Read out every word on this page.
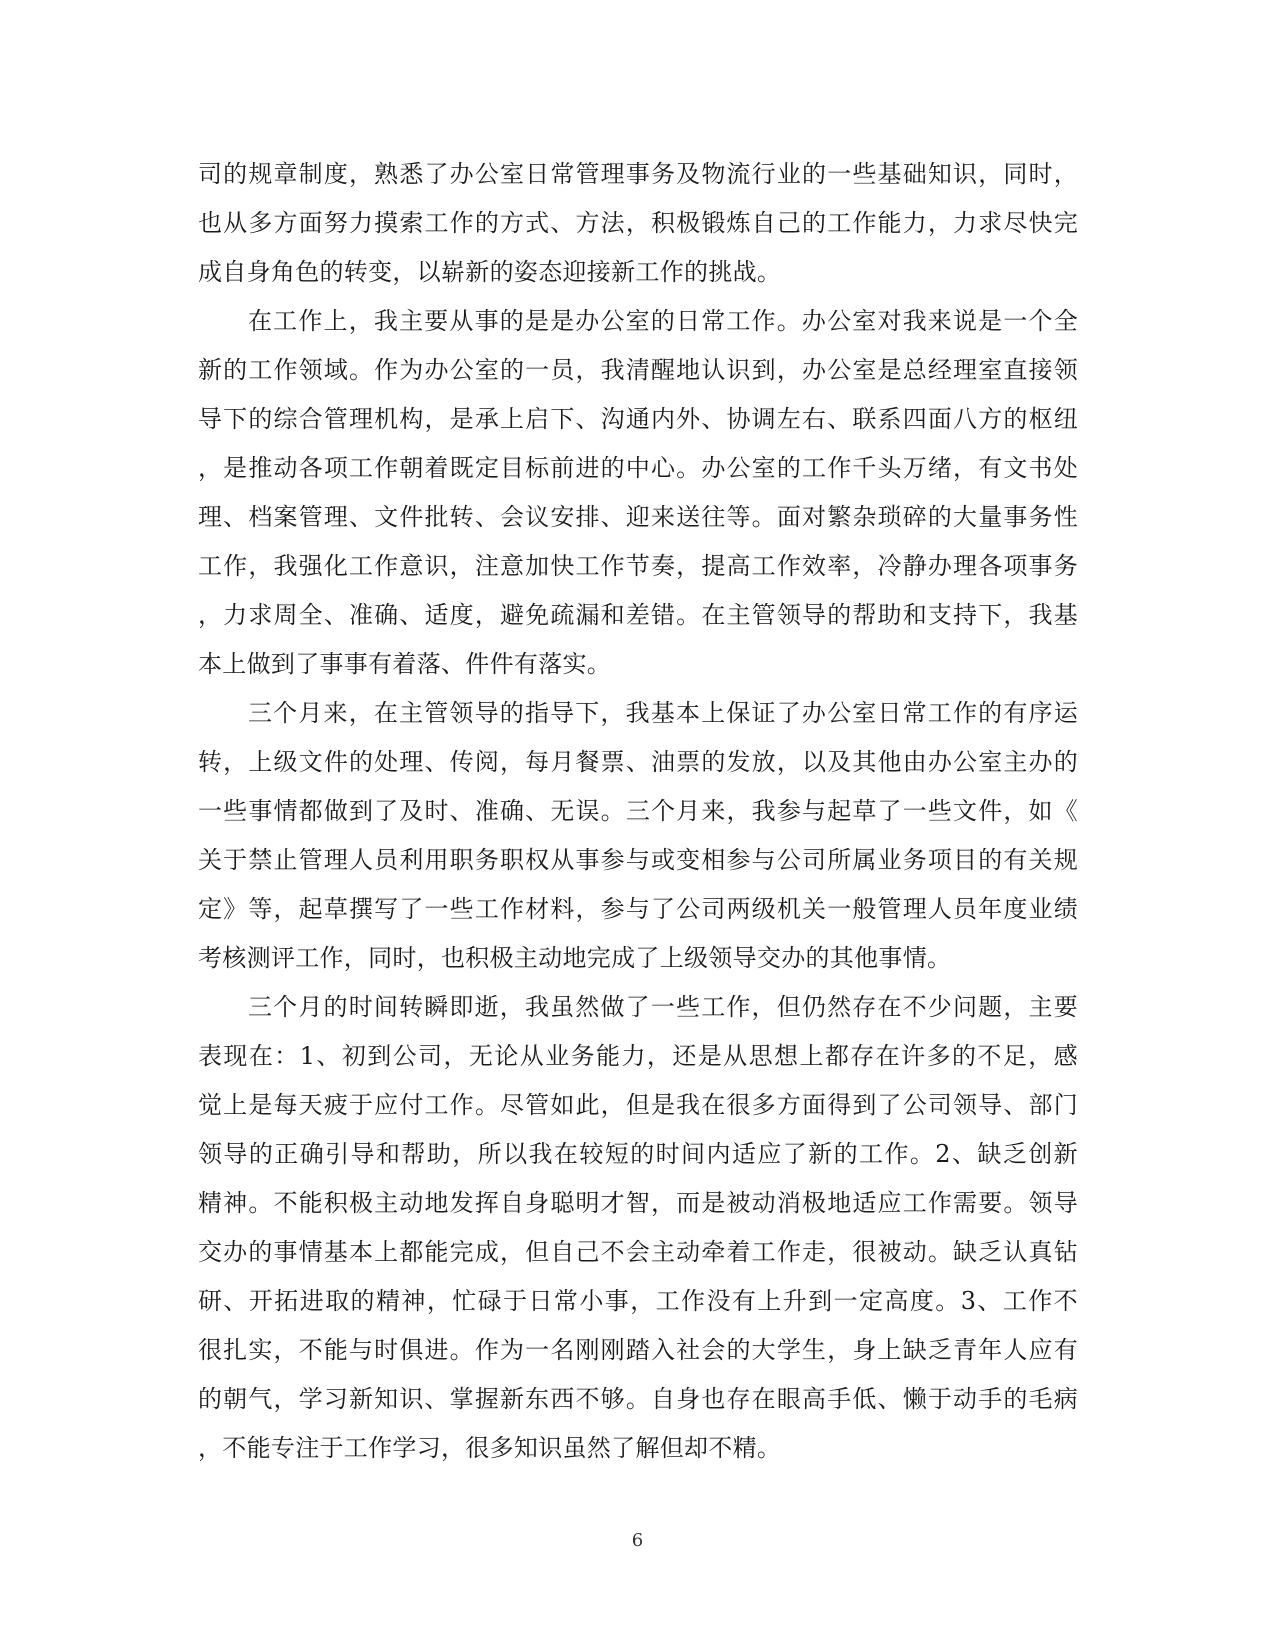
司的规章制度，熟悉了办公室日常管理事务及物流行业的一些基础知识，同时，
也从多方面努力摸索工作的方式、方法，积极锻炼自己的工作能力，力求尽快完
成自身角色的转变，以崭新的姿态迎接新工作的挑战。
在工作上，我主要从事的是是办公室的日常工作。办公室对我来说是一个全
新的工作领域。作为办公室的一员，我清醒地认识到，办公室是总经理室直接领
导下的综合管理机构，是承上启下、沟通内外、协调左右、联系四面八方的枢纽
，是推动各项工作朝着既定目标前进的中心。办公室的工作千头万绪，有文书处
理、档案管理、文件批转、会议安排、迎来送往等。面对繁杂琐碎的大量事务性
工作，我强化工作意识，注意加快工作节奏，提高工作效率，冷静办理各项事务
，力求周全、准确、适度，避免疏漏和差错。在主管领导的帮助和支持下，我基
本上做到了事事有着落、件件有落实。
三个月来，在主管领导的指导下，我基本上保证了办公室日常工作的有序运
转，上级文件的处理、传阅，每月餐票、油票的发放，以及其他由办公室主办的
一些事情都做到了及时、准确、无误。三个月来，我参与起草了一些文件，如《
关于禁止管理人员利用职务职权从事参与或变相参与公司所属业务项目的有关规
定》等，起草撰写了一些工作材料，参与了公司两级机关一般管理人员年度业绩
考核测评工作，同时，也积极主动地完成了上级领导交办的其他事情。
三个月的时间转瞬即逝，我虽然做了一些工作，但仍然存在不少问题，主要
表现在：1、初到公司，无论从业务能力，还是从思想上都存在许多的不足，感
觉上是每天疲于应付工作。尽管如此，但是我在很多方面得到了公司领导、部门
领导的正确引导和帮助，所以我在较短的时间内适应了新的工作。2、缺乏创新
精神。不能积极主动地发挥自身聪明才智，而是被动消极地适应工作需要。领导
交办的事情基本上都能完成，但自己不会主动牵着工作走，很被动。缺乏认真钻
研、开拓进取的精神，忙碌于日常小事，工作没有上升到一定高度。3、工作不
很扎实，不能与时俱进。作为一名刚刚踏入社会的大学生，身上缺乏青年人应有
的朝气，学习新知识、掌握新东西不够。自身也存在眼高手低、懒于动手的毛病
，不能专注于工作学习，很多知识虽然了解但却不精。
6
